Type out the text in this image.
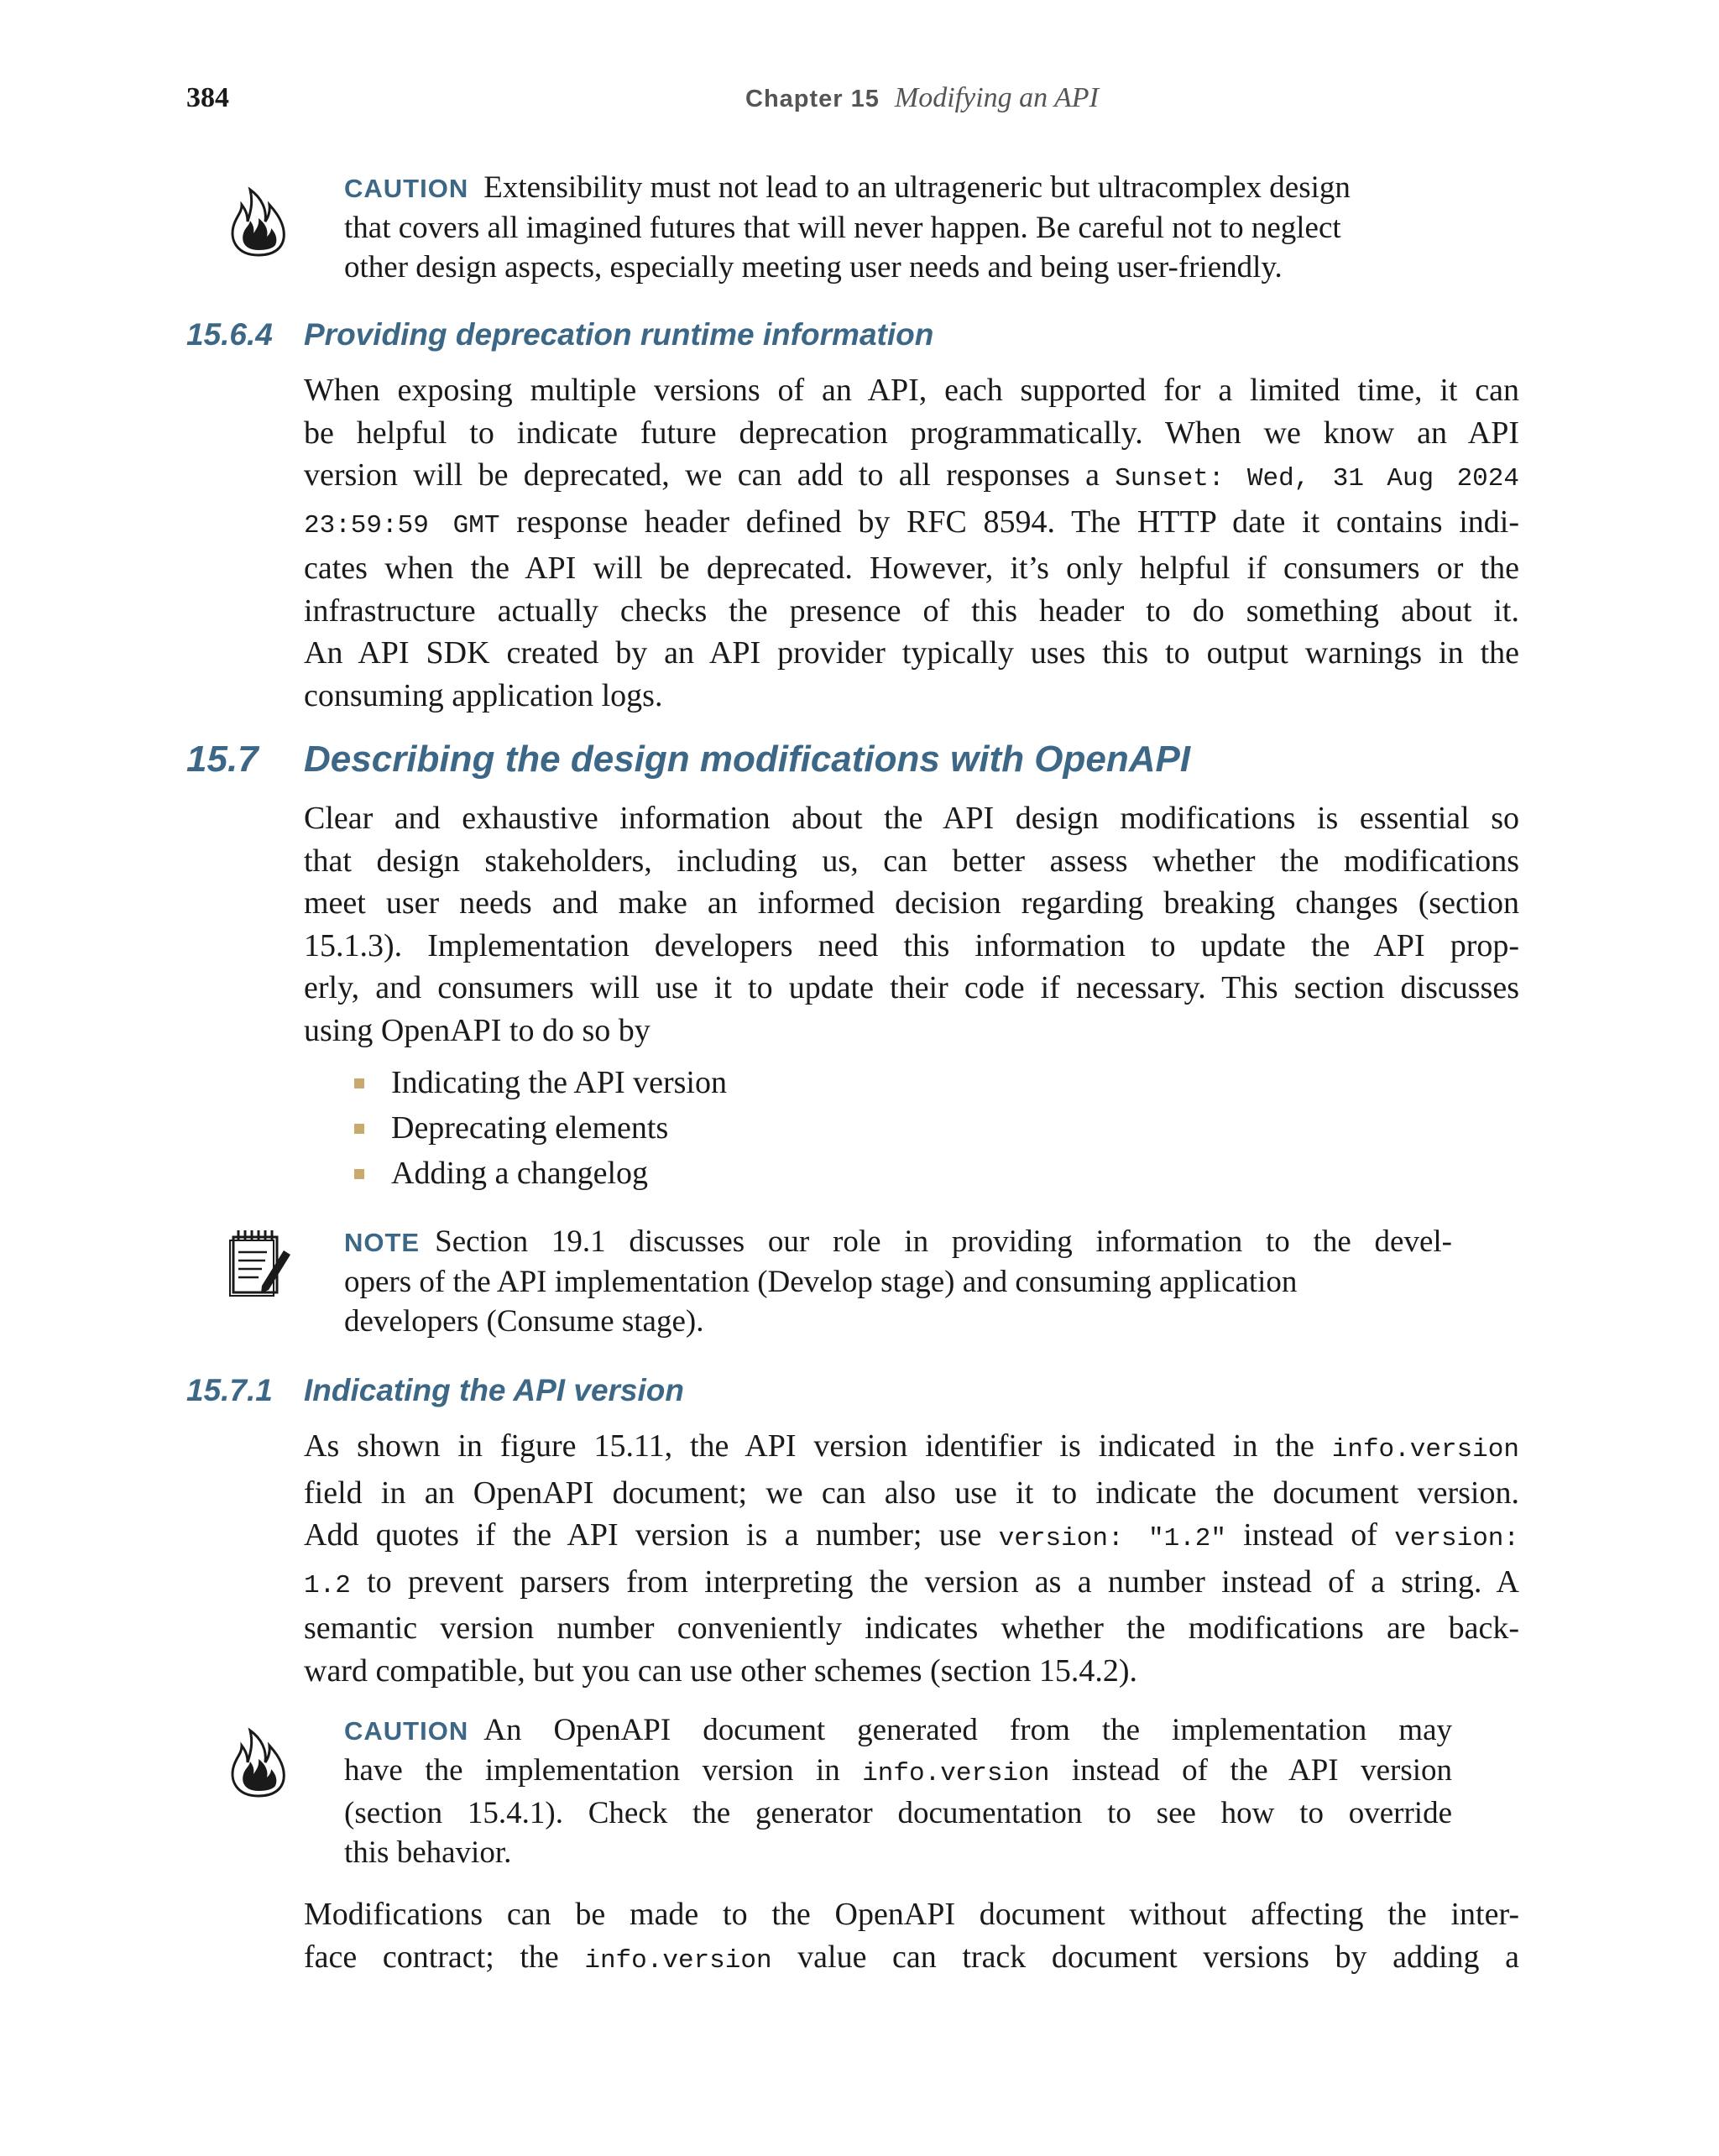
384	Chapter 15 Modifying an API
CAUTION Extensibility must not lead to an ultrageneric but ultracomplex design
that covers all imagined futures that will never happen. Be careful not to neglect
other design aspects, especially meeting user needs and being user-friendly.
15.6.4 Providing deprecation runtime information
When exposing multiple versions of an API, each supported for a limited time, it can
be helpful to indicate future deprecation programmatically. When we know an API
version will be deprecated, we can add to all responses a Sunset: Wed, 31 Aug 2024
23:59:59 GMT response header defined by RFC 8594. The HTTP date it contains indi-
cates when the API will be deprecated. However, it’s only helpful if consumers or the
infrastructure actually checks the presence of this header to do something about it.
An API SDK created by an API provider typically uses this to output warnings in the
consuming application logs.
15.7 Describing the design modifications with OpenAPI
Clear and exhaustive information about the API design modifications is essential so
that design stakeholders, including us, can better assess whether the modifications
meet user needs and make an informed decision regarding breaking changes (section
15.1.3). Implementation developers need this information to update the API prop-
erly, and consumers will use it to update their code if necessary. This section discusses
using OpenAPI to do so by
Indicating the API version
Deprecating elements
Adding a changelog
NOTE Section 19.1 discusses our role in providing information to the devel-
opers of the API implementation (Develop stage) and consuming application
developers (Consume stage).
15.7.1 Indicating the API version
As shown in figure 15.11, the API version identifier is indicated in the info.version
field in an OpenAPI document; we can also use it to indicate the document version.
Add quotes if the API version is a number; use version: "1.2" instead of version:
1.2 to prevent parsers from interpreting the version as a number instead of a string. A
semantic version number conveniently indicates whether the modifications are back-
ward compatible, but you can use other schemes (section 15.4.2).
CAUTION An OpenAPI document generated from the implementation may
have the implementation version in info.version instead of the API version
(section 15.4.1). Check the generator documentation to see how to override
this behavior.
Modifications can be made to the OpenAPI document without affecting the inter-
face contract; the info.version value can track document versions by adding a
